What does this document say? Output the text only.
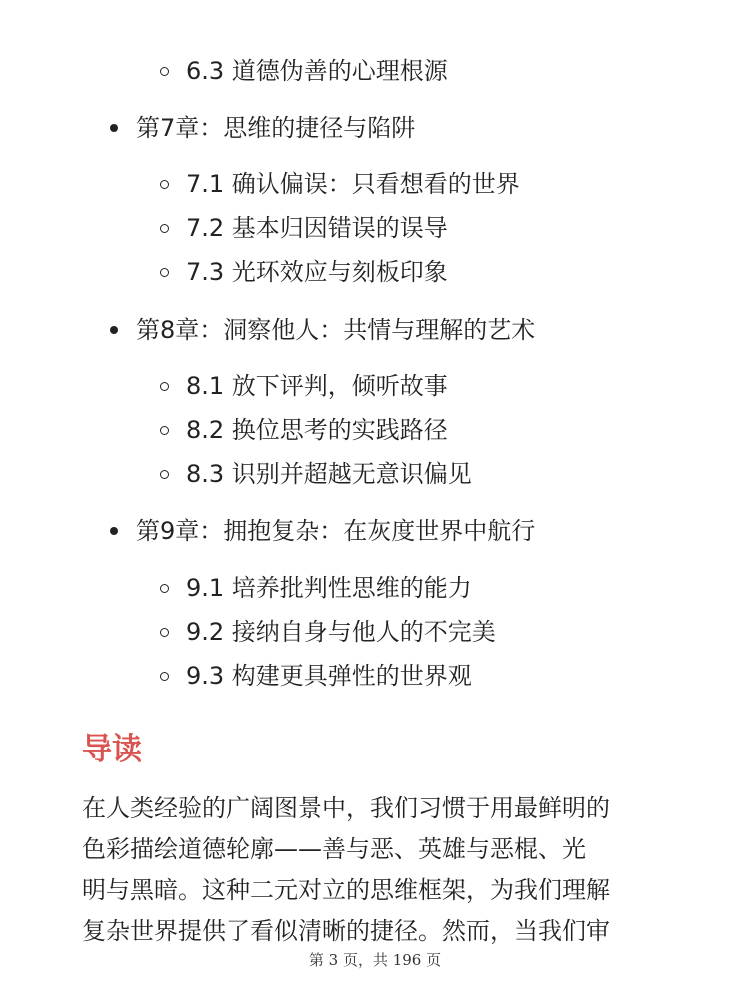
6.3 道德伪善的心理根源
第7章：思维的捷径与陷阱
7.1 确认偏误：只看想看的世界
7.2 基本归因错误的误导
7.3 光环效应与刻板印象
第8章：洞察他人：共情与理解的艺术
8.1 放下评判，倾听故事
8.2 换位思考的实践路径
8.3 识别并超越无意识偏见
第9章：拥抱复杂：在灰度世界中航行
9.1 培养批判性思维的能力
9.2 接纳自身与他人的不完美
9.3 构建更具弹性的世界观
导读

在人类经验的广阔图景中，我们习惯于用最鲜明的
色彩描绘道德轮廓——善与恶、英雄与恶棍、光
明与黑暗。这种二元对立的思维框架，为我们理解
复杂世界提供了看似清晰的捷径。然而，当我们审

第 3 页，共 196 页
